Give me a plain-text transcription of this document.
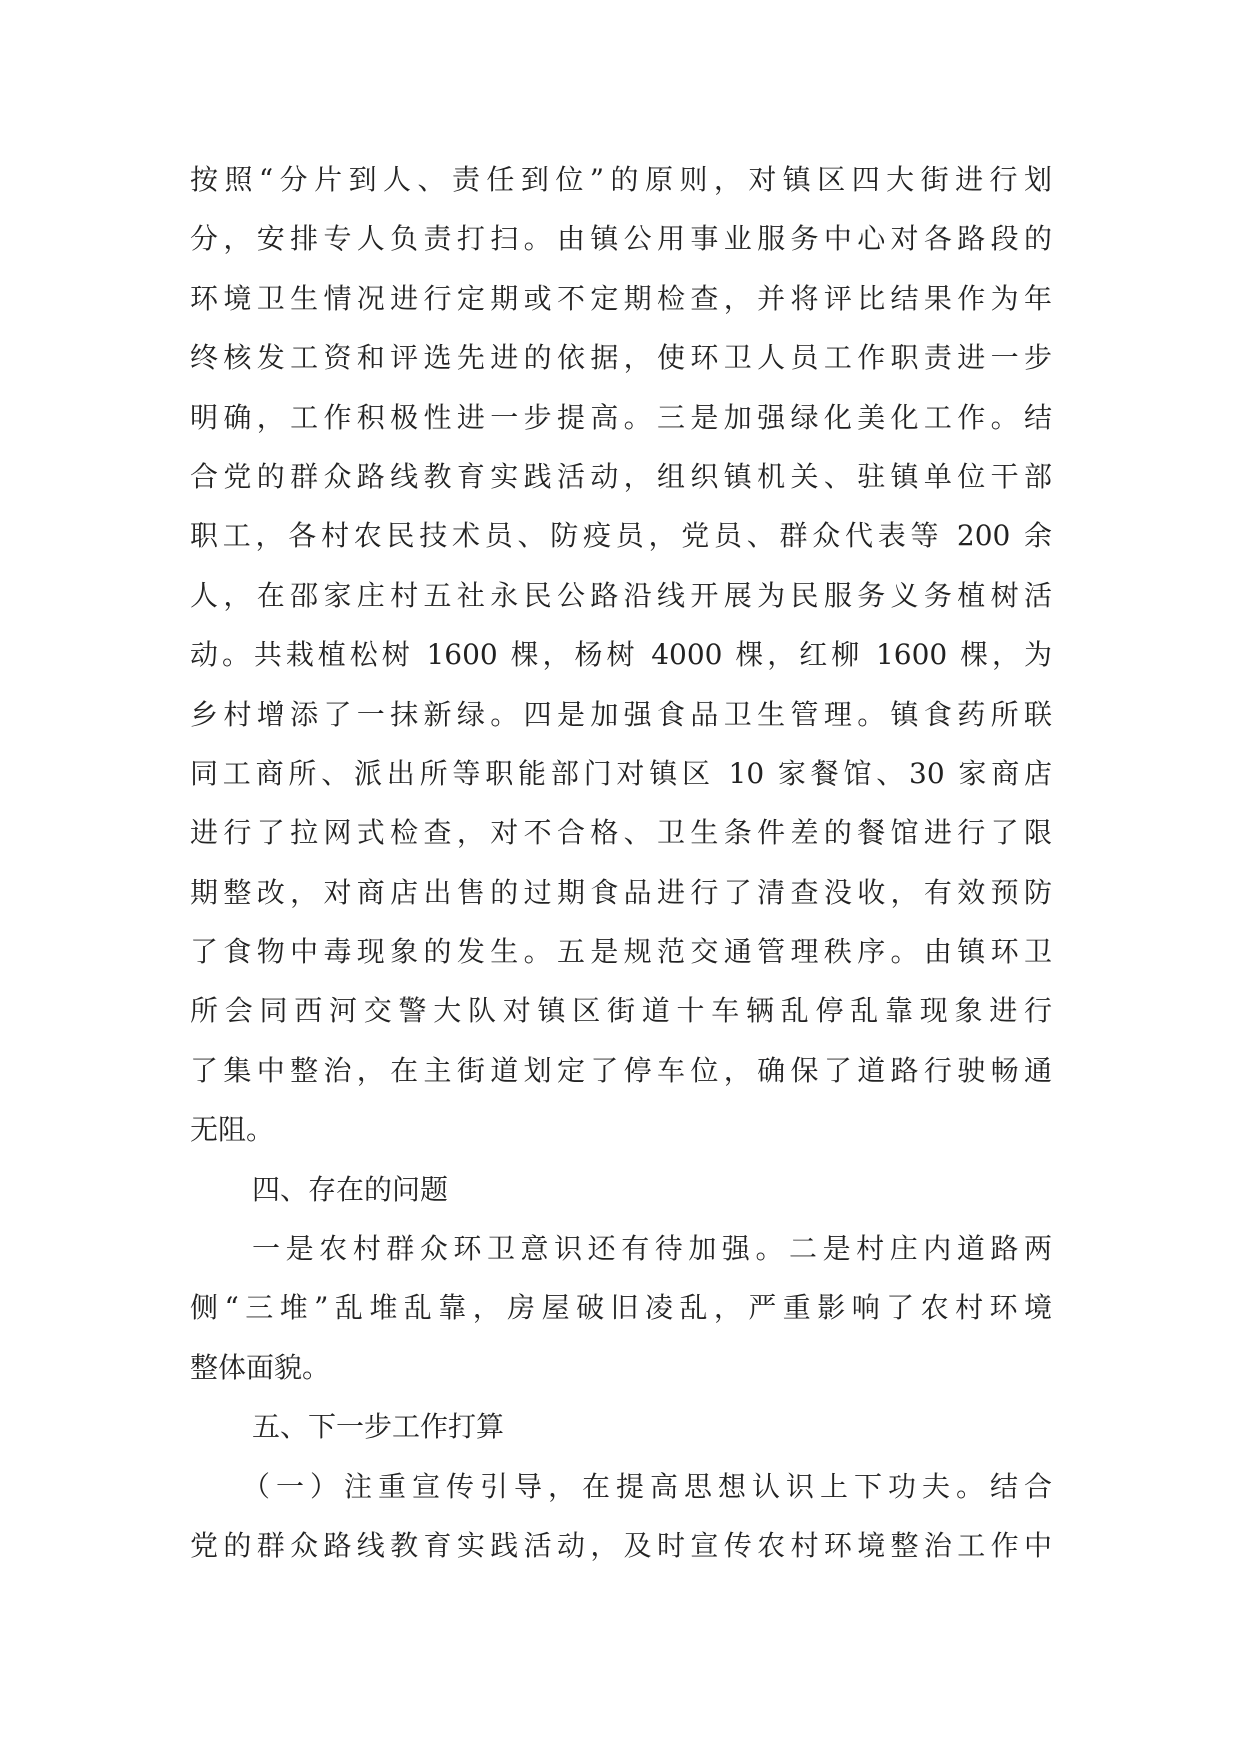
按照“分片到人、责任到位”的原则，对镇区四大街进行划
分，安排专人负责打扫。由镇公用事业服务中心对各路段的
环境卫生情况进行定期或不定期检查，并将评比结果作为年
终核发工资和评选先进的依据，使环卫人员工作职责进一步
明确，工作积极性进一步提高。三是加强绿化美化工作。结
合党的群众路线教育实践活动，组织镇机关、驻镇单位干部
职工，各村农民技术员、防疫员，党员、群众代表等 200 余
人，在邵家庄村五社永民公路沿线开展为民服务义务植树活
动。共栽植松树 1600 棵，杨树 4000 棵，红柳 1600 棵，为
乡村增添了一抹新绿。四是加强食品卫生管理。镇食药所联
同工商所、派出所等职能部门对镇区 10 家餐馆、30 家商店
进行了拉网式检查，对不合格、卫生条件差的餐馆进行了限
期整改，对商店出售的过期食品进行了清查没收，有效预防
了食物中毒现象的发生。五是规范交通管理秩序。由镇环卫
所会同西河交警大队对镇区街道十车辆乱停乱靠现象进行
了集中整治，在主街道划定了停车位，确保了道路行驶畅通
无阻。
四、存在的问题
一是农村群众环卫意识还有待加强。二是村庄内道路两
侧“三堆”乱堆乱靠，房屋破旧凌乱，严重影响了农村环境
整体面貌。
五、下一步工作打算
（一）注重宣传引导，在提高思想认识上下功夫。结合
党的群众路线教育实践活动，及时宣传农村环境整治工作中
